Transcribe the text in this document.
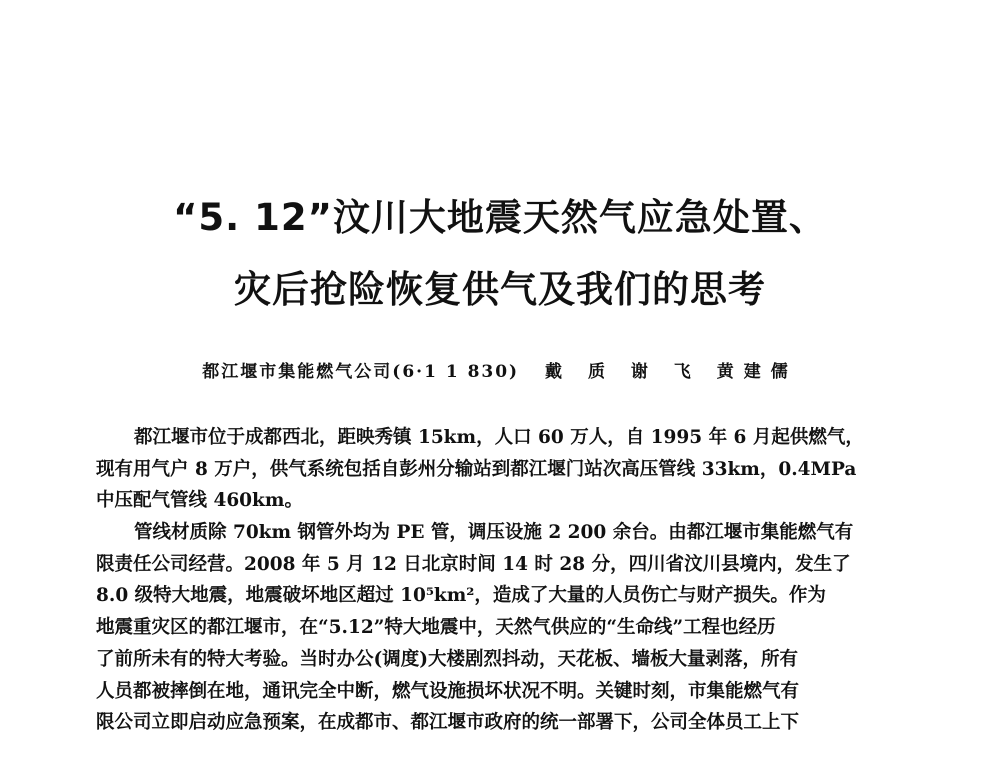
“5. 12”汶川大地震天然气应急处置、
灾后抢险恢复供气及我们的思考
都江堰市集能燃气公司(6·1 1 830) 戴 质 谢 飞 黄建儒
都江堰市位于成都西北，距映秀镇 15km，人口 60 万人，自 1995 年 6 月起供燃气，
现有用气户 8 万户，供气系统包括自彭州分输站到都江堰门站次高压管线 33km，0.4MPa
中压配气管线 460km。
管线材质除 70km 钢管外均为 PE 管，调压设施 2 200 余台。由都江堰市集能燃气有
限责任公司经营。2008 年 5 月 12 日北京时间 14 时 28 分，四川省汶川县境内，发生了
8.0 级特大地震，地震破坏地区超过 10⁵km²，造成了大量的人员伤亡与财产损失。作为
地震重灾区的都江堰市，在“5.12”特大地震中，天然气供应的“生命线”工程也经历
了前所未有的特大考验。当时办公(调度)大楼剧烈抖动，天花板、墙板大量剥落，所有
人员都被摔倒在地，通讯完全中断，燃气设施损坏状况不明。关键时刻，市集能燃气有
限公司立即启动应急预案，在成都市、都江堰市政府的统一部署下，公司全体员工上下
